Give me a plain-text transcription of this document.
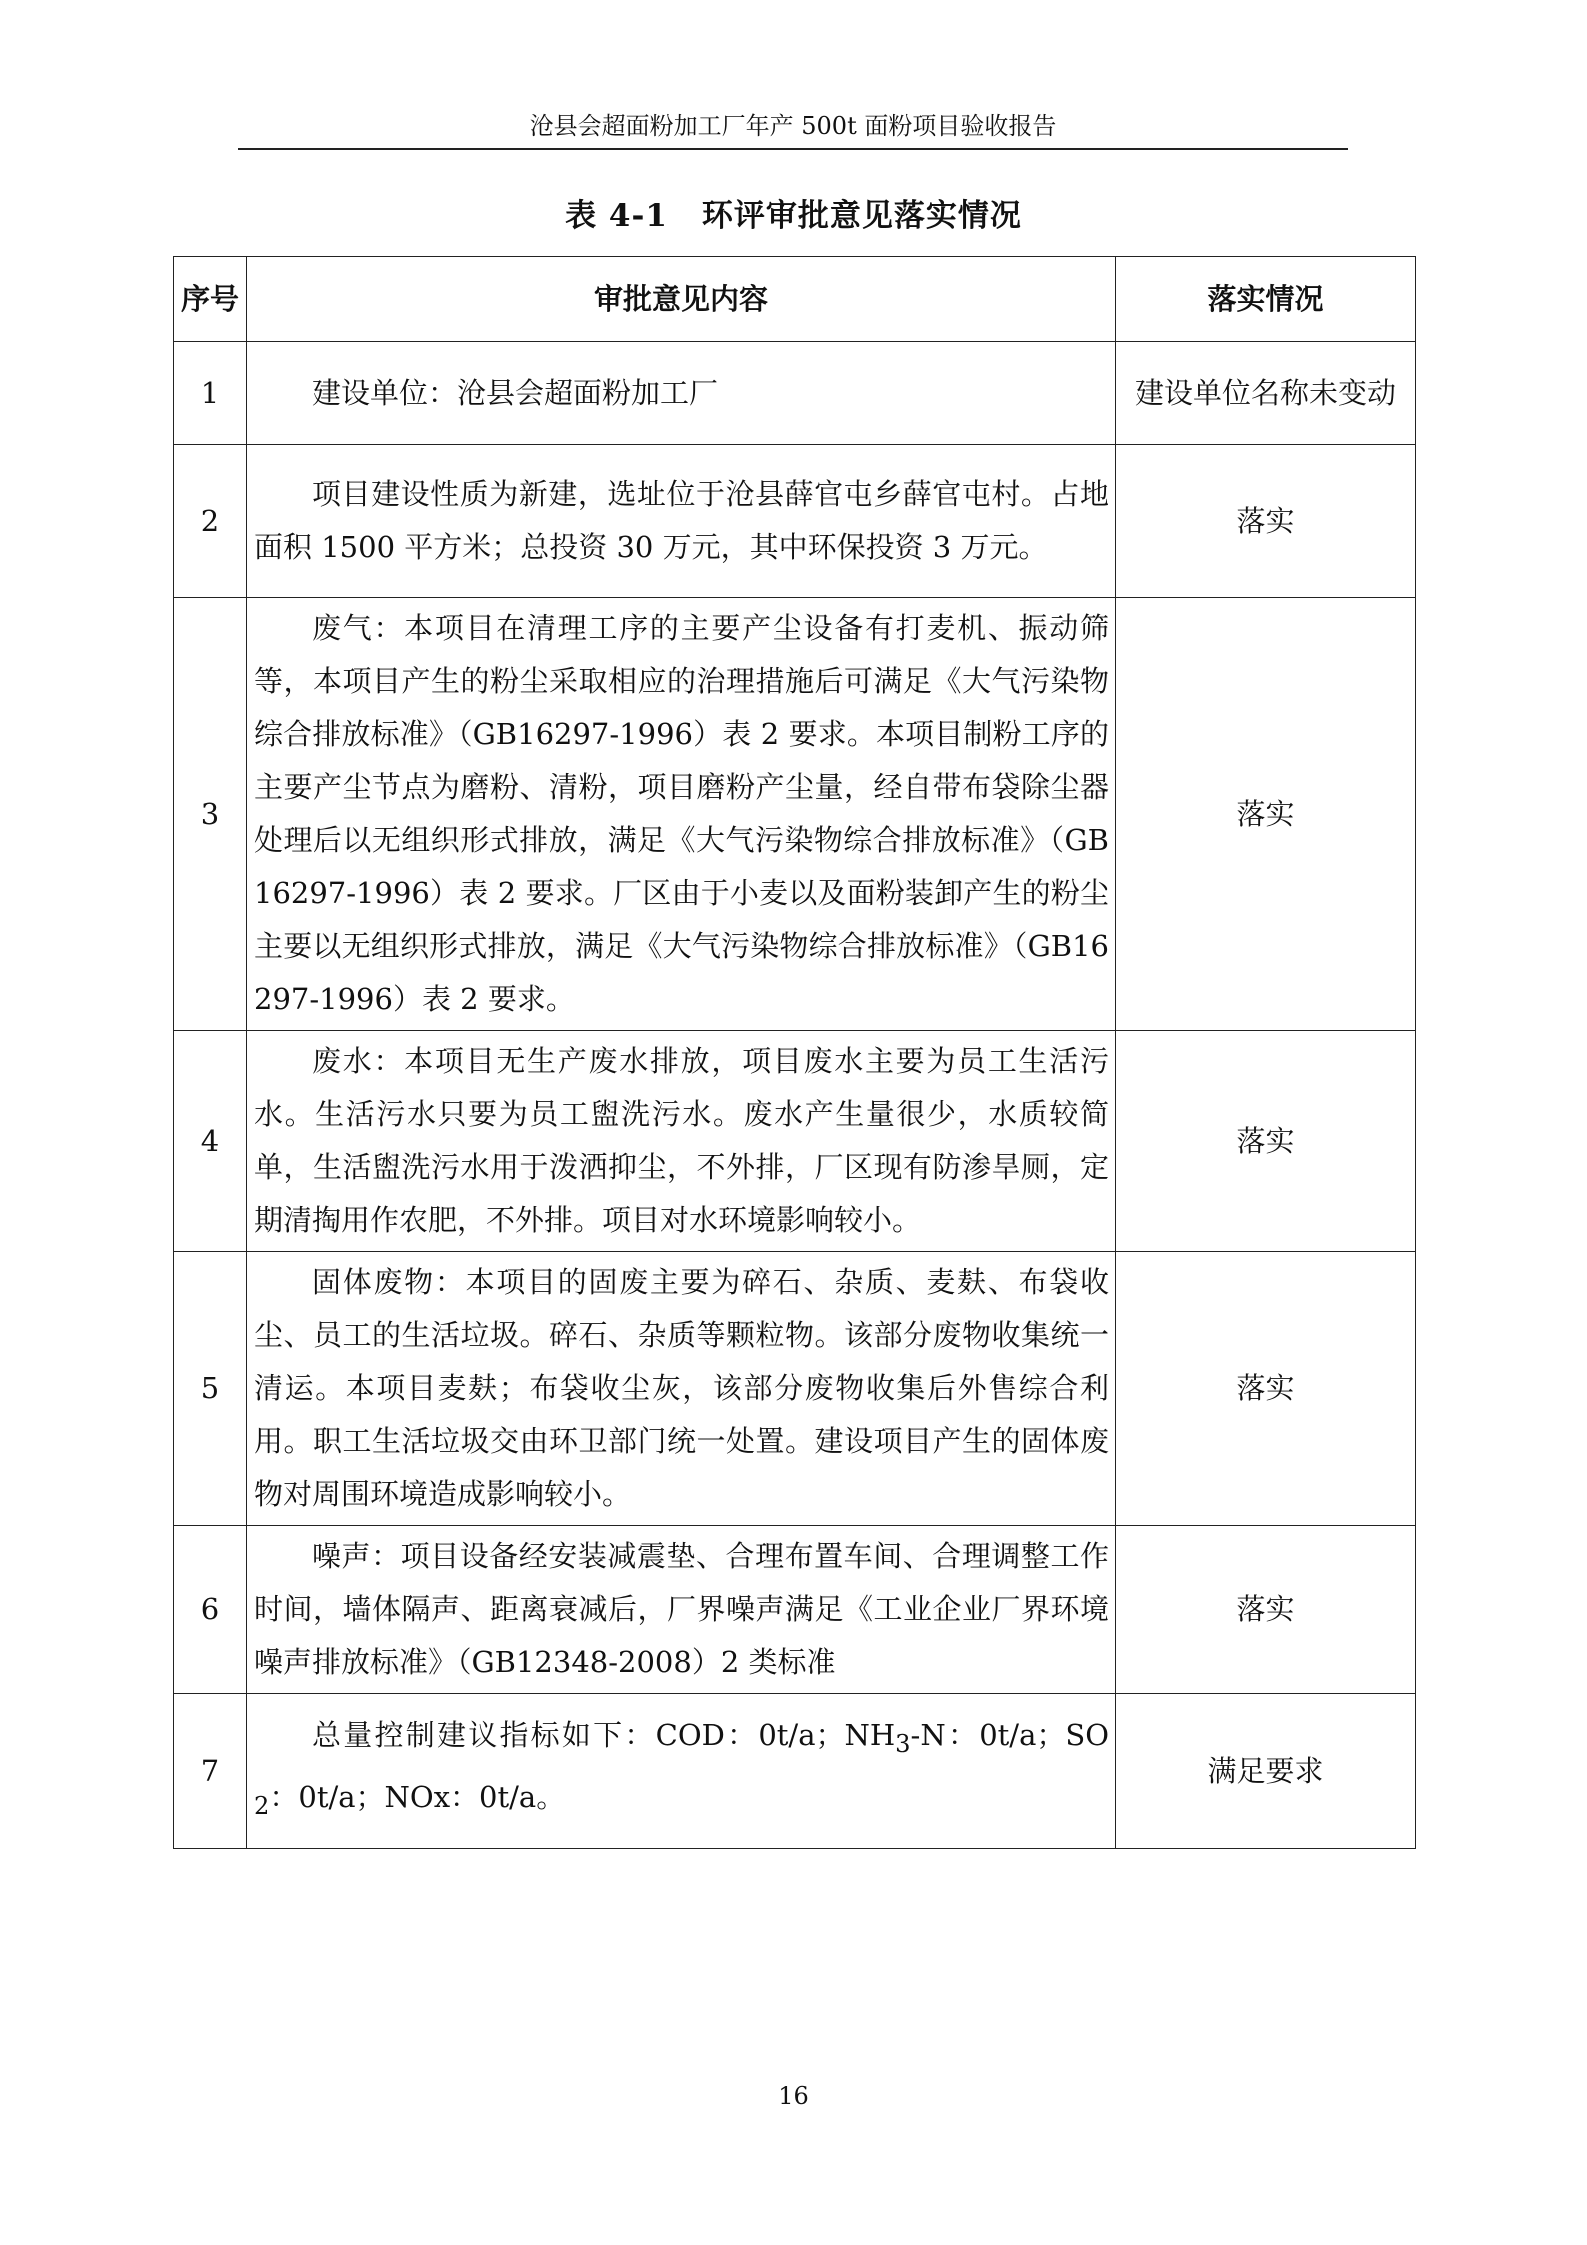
沧县会超面粉加工厂年产 500t 面粉项目验收报告
表 4-1 环评审批意见落实情况
序号	审批意见内容	落实情况
1	建设单位：沧县会超面粉加工厂	建设单位名称未变动
2	项目建设性质为新建，选址位于沧县薛官屯乡薛官屯村。占地面积 1500 平方米；总投资 30 万元，其中环保投资 3 万元。	落实
3	废气：本项目在清理工序的主要产尘设备有打麦机、振动筛等，本项目产生的粉尘采取相应的治理措施后可满足《大气污染物综合排放标准》（GB16297-1996）表 2 要求。本项目制粉工序的主要产尘节点为磨粉、清粉，项目磨粉产尘量，经自带布袋除尘器处理后以无组织形式排放，满足《大气污染物综合排放标准》（GB16297-1996）表 2 要求。厂区由于小麦以及面粉装卸产生的粉尘主要以无组织形式排放，满足《大气污染物综合排放标准》（GB16297-1996）表 2 要求。	落实
4	废水：本项目无生产废水排放，项目废水主要为员工生活污水。生活污水只要为员工盥洗污水。废水产生量很少，水质较简单，生活盥洗污水用于泼洒抑尘，不外排，厂区现有防渗旱厕，定期清掏用作农肥，不外排。项目对水环境影响较小。	落实
5	固体废物：本项目的固废主要为碎石、杂质、麦麸、布袋收尘、员工的生活垃圾。碎石、杂质等颗粒物。该部分废物收集统一清运。本项目麦麸；布袋收尘灰，该部分废物收集后外售综合利用。职工生活垃圾交由环卫部门统一处置。建设项目产生的固体废物对周围环境造成影响较小。	落实
6	噪声：项目设备经安装减震垫、合理布置车间、合理调整工作时间，墙体隔声、距离衰减后，厂界噪声满足《工业企业厂界环境噪声排放标准》（GB12348-2008）2 类标准	落实
7	总量控制建议指标如下：COD：0t/a；$NH_3-N$：0t/a；$SO_2$：0t/a；NOx：0t/a。	满足要求
16
